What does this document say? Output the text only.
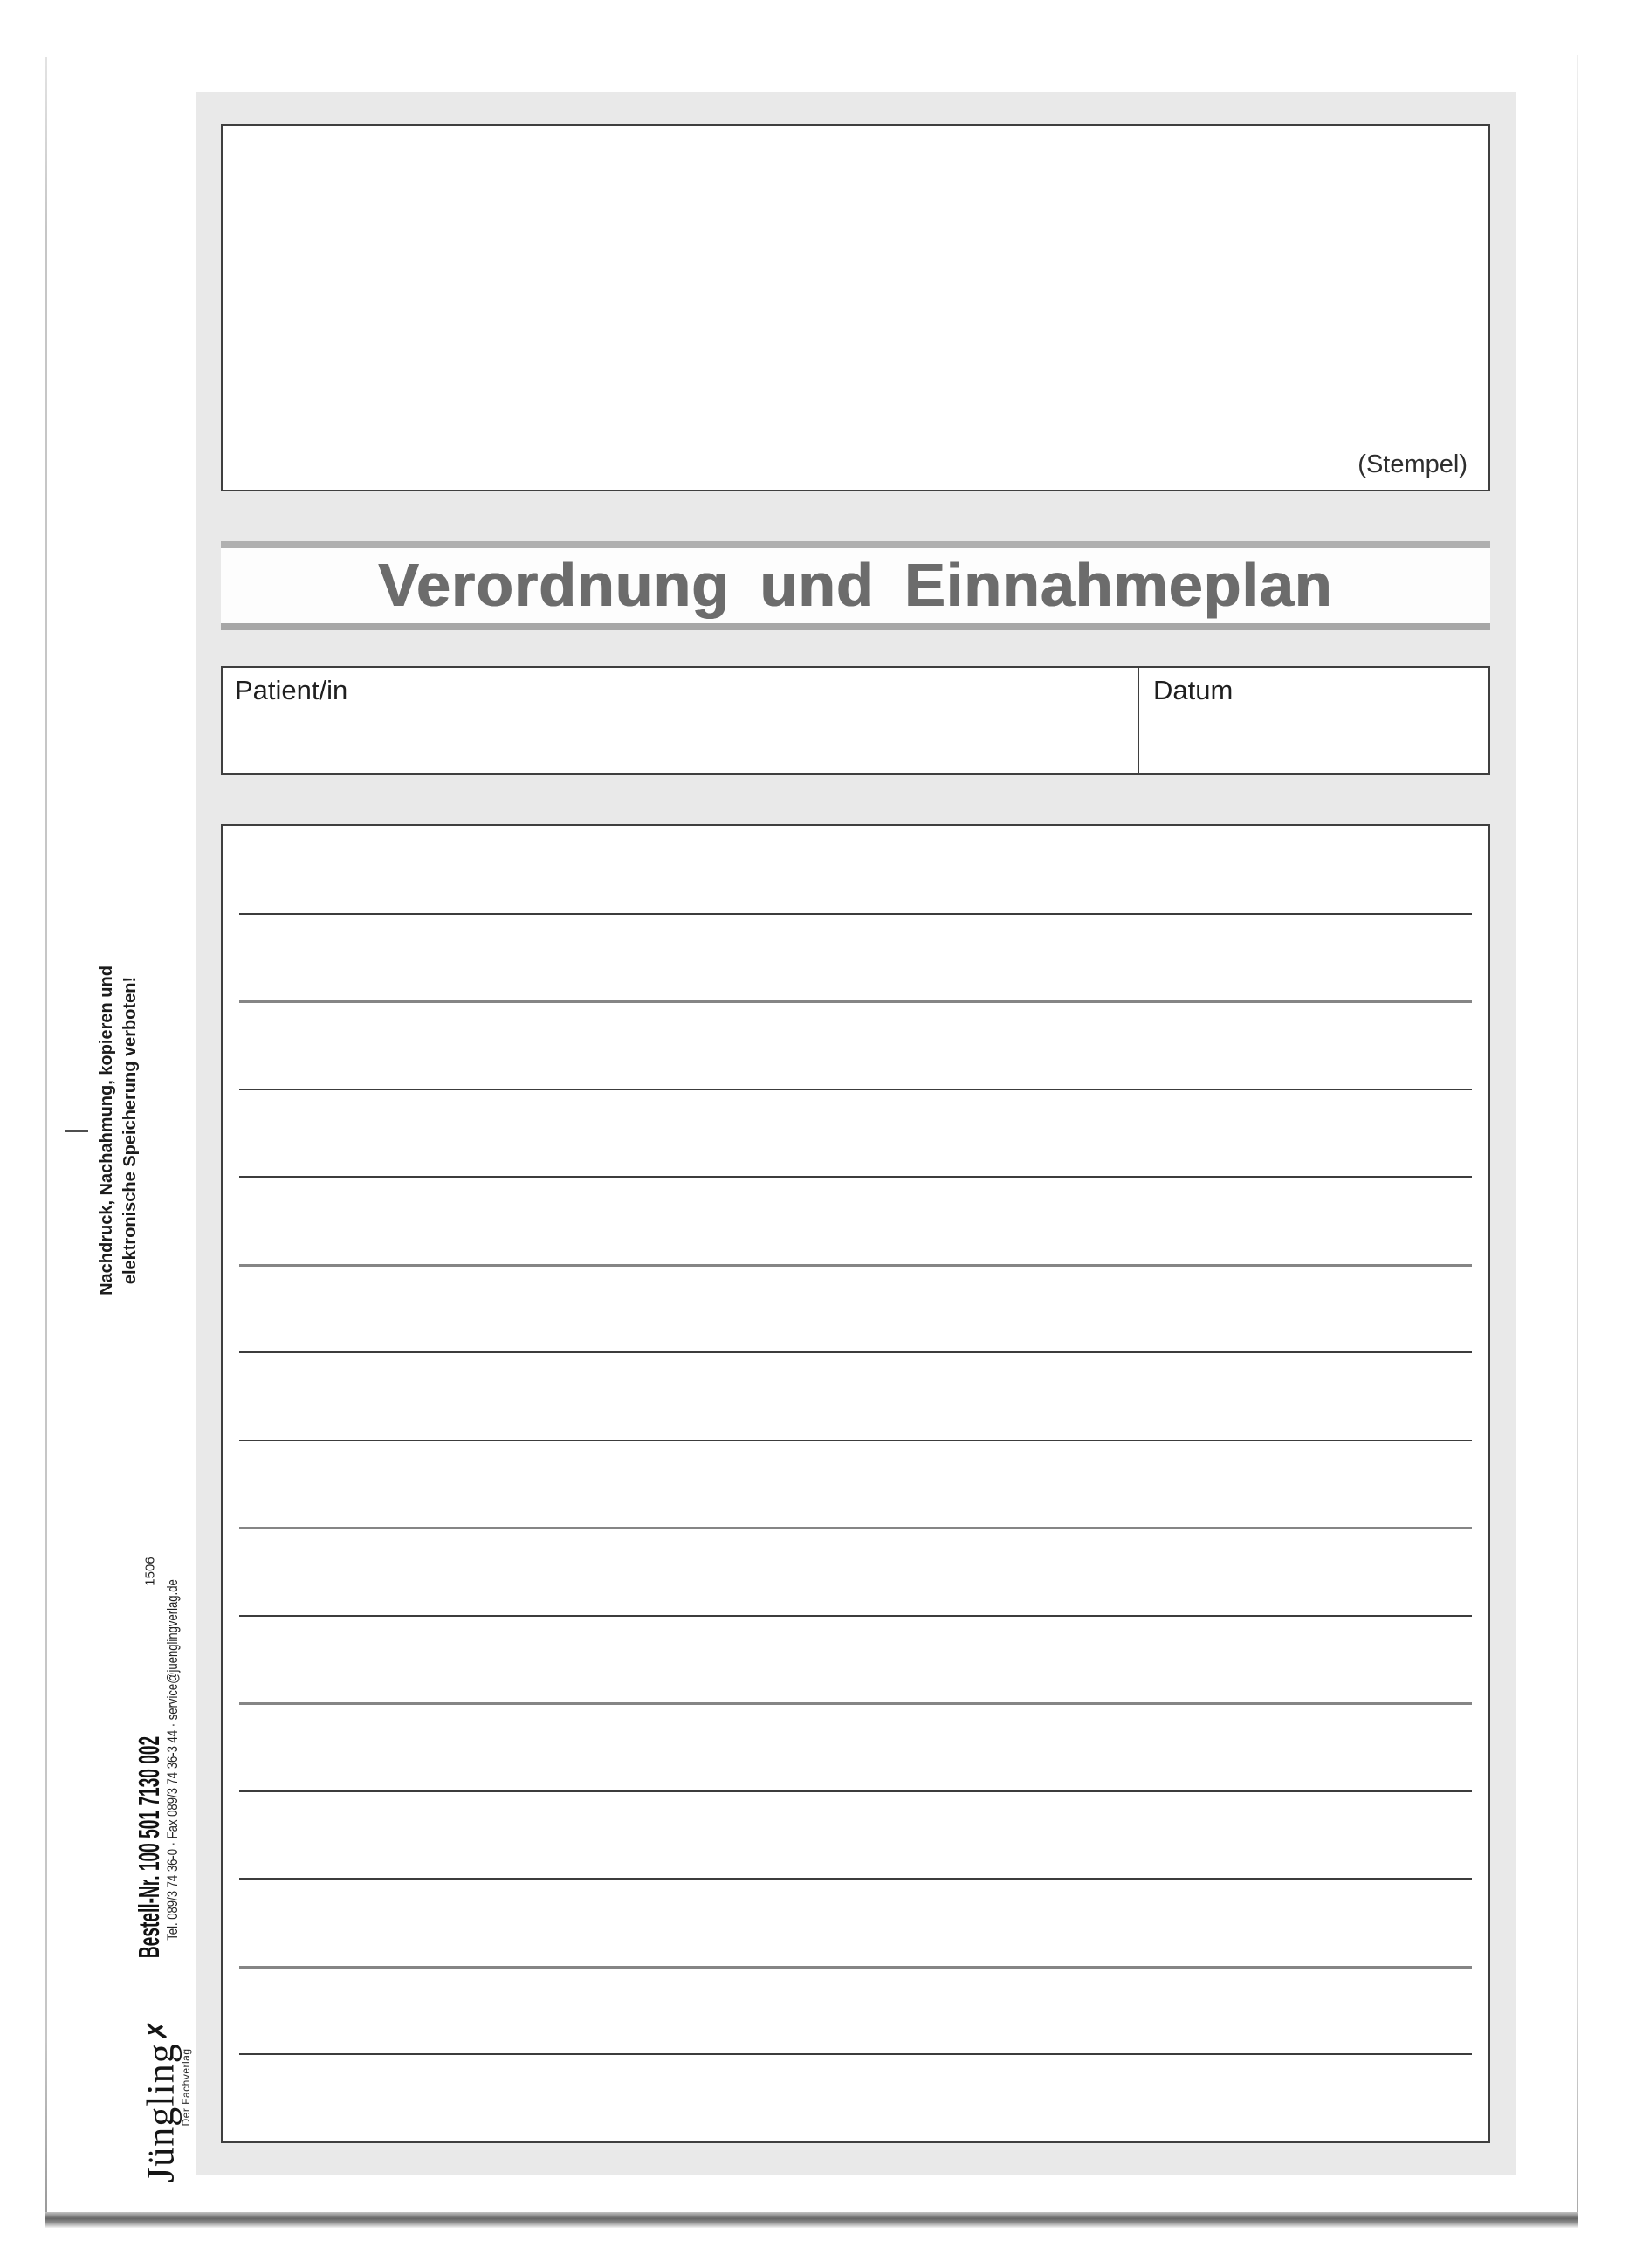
(Stempel)
Verordnung und Einnahmeplan
Patient/in	Datum
Nachdruck, Nachahmung, kopieren und elektronische Speicherung verboten!
1506
Bestell-Nr. 100 501 7130 002 Tel. 089/3 74 36-0 · Fax 089/3 74 36-3 44 · service@juenglingverlag.de
Jüngling✗
Der Fachverlag
